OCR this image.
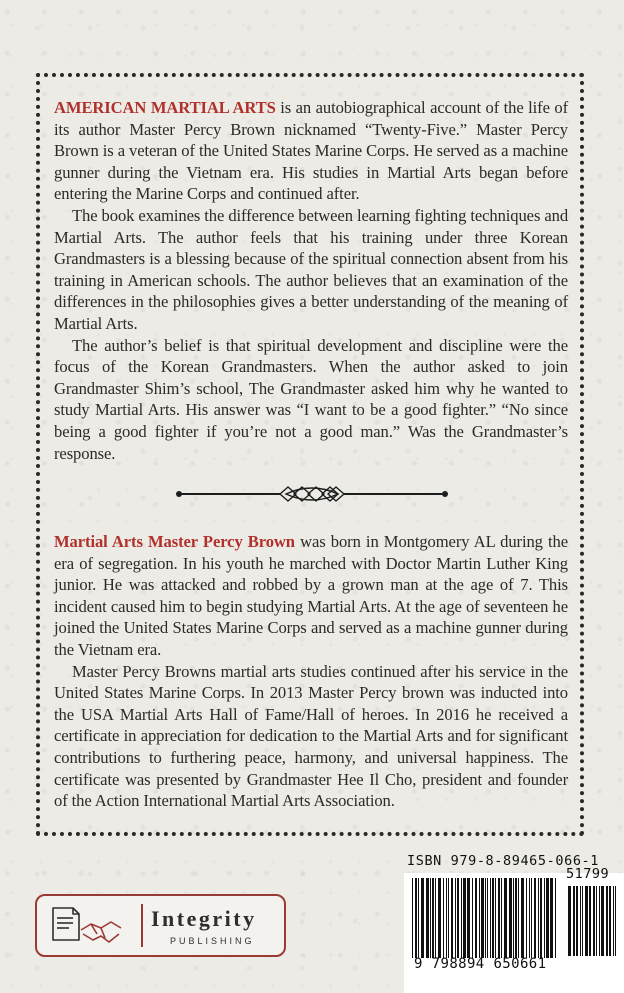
AMERICAN MARTIAL ARTS is an autobiographical account of the life of its author Master Percy Brown nicknamed “Twenty-Five.” Master Percy Brown is a veteran of the United States Marine Corps. He served as a machine gunner during the Vietnam era. His studies in Martial Arts began before entering the Marine Corps and continued after.

The book examines the difference between learning fighting techniques and Martial Arts. The author feels that his training under three Korean Grandmasters is a blessing because of the spiritual connection absent from his training in American schools. The author believes that an examination of the differences in the philosophies gives a better understanding of the meaning of Martial Arts.

The author’s belief is that spiritual development and discipline were the focus of the Korean Grandmasters. When the author asked to join Grandmaster Shim’s school, The Grandmaster asked him why he wanted to study Martial Arts. His answer was “I want to be a good fighter.” “No since being a good fighter if you’re not a good man.” Was the Grandmaster’s response.

Martial Arts Master Percy Brown was born in Montgomery AL during the era of segregation. In his youth he marched with Doctor Martin Luther King junior. He was attacked and robbed by a grown man at the age of 7. This incident caused him to begin studying Martial Arts. At the age of seventeen he joined the United States Marine Corps and served as a machine gunner during the Vietnam era.

Master Percy Browns martial arts studies continued after his service in the United States Marine Corps. In 2013 Master Percy brown was inducted into the USA Martial Arts Hall of Fame/Hall of heroes. In 2016 he received a certificate in appreciation for dedication to the Martial Arts and for significant contributions to furthering peace, harmony, and universal happiness. The certificate was presented by Grandmaster Hee Il Cho, president and founder of the Action International Martial Arts Association.

Integrity
PUBLISHING
ISBN 979-8-89465-066-1
51799
9 798894 650661
